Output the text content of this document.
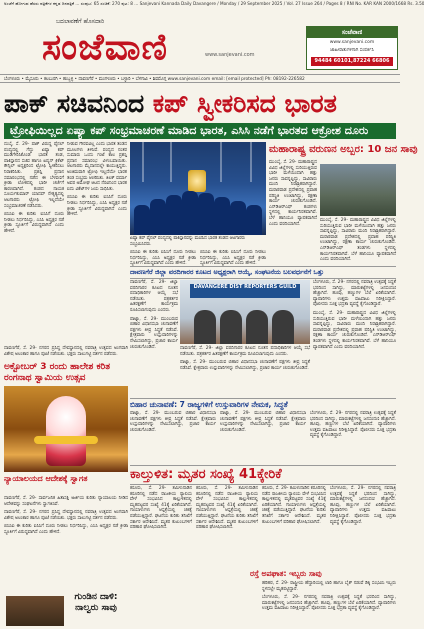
ಅಂಚೆಗೆ ಹೋಗುವ ಹೆಸರು ಪತ್ರಿಕೆಗಳ ಕನ್ನಡ ದಿನಪತ್ರಿಕೆ ... ಸಂಪುಟ: 65 ಸಂಚಿಕೆ: 270 ಪುಟ: 8 ... Sanjevani Kannada Daily Davangere / Monday / 29 September 2025 / Vol. 27 Issue 264 / Pages 8 / RNI No. KAR KAN 2000/1668 Rs. 3.50
ಬದಲಾವಣೆಗೆ ಹೊಸದಾರಿ
ಸಂಜೆವಾಣಿ	www.sanjevani.com
ಸಂಜೆವಾಣಿ
www.sanjevani.com
ಜಾಹೀರಾತುಗಳಿಗಾಗಿ ಸಂಪರ್ಕಿಸಿ
94484 60101,87224 66806
ಬೆಂಗಳೂರು • ಮೈಸೂರು • ಕಲಬುರಗಿ • ಹುಬ್ಬಳ್ಳಿ • ದಾವಣಗೆರೆ • ಮಂಗಳೂರು • ಬಳ್ಳಾರಿ • ಬೆಳಗಾವಿ • ಶಿವಮೊಗ್ಗ www.sanjevani.com email: [email protected] Ph: 08192-226582
ಪಾಕ್ ಸಚಿವನಿಂದ ಕಪ್ ಸ್ವೀಕರಿಸದ ಭಾರತ
ಟ್ರೋಫಿಯಿಲ್ಲದ ಏಷ್ಯಾ ಕಪ್ ಸಂಭ್ರಮಾಚರಣೆ ಮಾಡಿದ ಭಾರತ, ಎಸಿಸಿ ನಡೆಗೆ ಭಾರತದ ಆಕ್ರೋಶ ದೂರು

ದುಬೈ, ಸೆ. 29- ಪಾಕ್ ವಿರುದ್ಧ ಫೈನಲ್ ಪಂದ್ಯದಲ್ಲಿ ಗೆದ್ದು ಏಷ್ಯಾ ಕಪ್ ಮುಡಿಗೇರಿಸಿಕೊಂಡ ಭಾರತ ತಂಡ, ಪಾಕಿಸ್ತಾನದ ಸಚಿವ ಹಾಗೂ ಏಷ್ಯನ್ ಕ್ರಿಕೆಟ್ ಕೌನ್ಸಿಲ್ ಅಧ್ಯಕ್ಷರಿಂದ ಟ್ರೋಫಿ ಸ್ವೀಕರಿಸಲು ನಿರಾಕರಿಸಿತು. ಪ್ರಶಸ್ತಿ ಪ್ರದಾನ ಸಮಾರಂಭದಲ್ಲಿ ನಡೆದ ಈ ಬೆಳವಣಿಗೆ ಕ್ರೀಡಾ ಲೋಕದಲ್ಲಿ ಭಾರೀ ಚರ್ಚೆಗೆ ಕಾರಣವಾಗಿದೆ. ತಂಡದ ನಾಯಕ ಸೂರ್ಯಕುಮಾರ್ ಯಾದವ್ ನೇತೃತ್ವದಲ್ಲಿ ಆಟಗಾರರು ಟ್ರೋಫಿ ಇಲ್ಲದೆಯೇ ಸಂಭ್ರಮಾಚರಣೆ ನಡೆಸಿದರು.

ಬಿಸಿಸಿಐ ಈ ಕುರಿತು ಐಸಿಸಿಗೆ ದೂರು ನೀಡಲು ನಿರ್ಧರಿಸಿದ್ದು, ಎಸಿಸಿ ಅಧ್ಯಕ್ಷರ ನಡೆ ಕ್ರೀಡಾ ಸ್ಫೂರ್ತಿಗೆ ವಿರುದ್ಧವಾಗಿದೆ ಎಂದು ಹೇಳಿದೆ.

ನೀಡುವ ಗೌರವವಿಲ್ಲ ಎಂದು ಭಾರತ ತಂಡದ ಮೂಲಗಳು ತಿಳಿಸಿವೆ. ಪಂದ್ಯದ ನಂತರ ಸುಮಾರು ಒಂದು ಗಂಟೆ ಕಾಲ ಪ್ರಶಸ್ತಿ ಪ್ರದಾನ ಸಮಾರಂಭ ವಿಳಂಬವಾಯಿತು. ಆಟಗಾರರು ಮೈದಾನದಲ್ಲೇ ಕಾಯುತ್ತಿದ್ದರು. ಅಂತಿಮವಾಗಿ ಟ್ರೋಫಿ ಇಲ್ಲದೆಯೇ ಭಾರತ ತಂಡ ಸಂಭ್ರಮ ಆಚರಿಸಿತು. ತಿಲಕ್ ವರ್ಮಾ ಅವರ ಅಮೋಘ ಆಟದ ನೆರವಿನಿಂದ ಭಾರತ ಐದು ವಿಕೆಟ್‌ಗಳ ಜಯ ಸಾಧಿಸಿತು.

ಬಿಸಿಸಿಐ ಈ ಕುರಿತು ಐಸಿಸಿಗೆ ದೂರು ನೀಡಲು ನಿರ್ಧರಿಸಿದ್ದು, ಎಸಿಸಿ ಅಧ್ಯಕ್ಷರ ನಡೆ ಕ್ರೀಡಾ ಸ್ಫೂರ್ತಿಗೆ ವಿರುದ್ಧವಾಗಿದೆ ಎಂದು ಹೇಳಿದೆ.

ಏಷ್ಯಾ ಕಪ್ ಫೈನಲ್ ಪಂದ್ಯದಲ್ಲಿ ಪಾಕಿಸ್ತಾನವನ್ನು ಮಣಿಸಿದ ಭಾರತ ತಂಡದ ಆಟಗಾರರು ಸಂಭ್ರಮಿಸಿದರು.

ಬಿಸಿಸಿಐ ಈ ಕುರಿತು ಐಸಿಸಿಗೆ ದೂರು ನೀಡಲು ನಿರ್ಧರಿಸಿದ್ದು, ಎಸಿಸಿ ಅಧ್ಯಕ್ಷರ ನಡೆ ಕ್ರೀಡಾ ಸ್ಫೂರ್ತಿಗೆ ವಿರುದ್ಧವಾಗಿದೆ ಎಂದು ಹೇಳಿದೆ.

ಬಿಸಿಸಿಐ ಈ ಕುರಿತು ಐಸಿಸಿಗೆ ದೂರು ನೀಡಲು ನಿರ್ಧರಿಸಿದ್ದು, ಎಸಿಸಿ ಅಧ್ಯಕ್ಷರ ನಡೆ ಕ್ರೀಡಾ ಸ್ಫೂರ್ತಿಗೆ ವಿರುದ್ಧವಾಗಿದೆ ಎಂದು ಹೇಳಿದೆ.

ಮಹಾರಾಷ್ಟ್ರ ವರುಣನ ಅಬ್ಬರ: 10 ಜನ ಸಾವು

ಮುಂಬೈ, ಸೆ. 29- ಮಹಾರಾಷ್ಟ್ರದ ವಿವಿಧ ಜಿಲ್ಲೆಗಳಲ್ಲಿ ಸುರಿಯುತ್ತಿರುವ ಭಾರೀ ಮಳೆಯಿಂದಾಗಿ ಹತ್ತು ಜನರು ಸಾವನ್ನಪ್ಪಿದ್ದು, ಸಾವಿರಾರು ಮಂದಿ ನಿರಾಶ್ರಿತರಾಗಿದ್ದಾರೆ. ಮರಾಠವಾಡ ಪ್ರದೇಶದಲ್ಲಿ ಪ್ರವಾಹ ಪರಿಸ್ಥಿತಿ ಉಂಟಾಗಿದ್ದು, ರಕ್ಷಣಾ ಕಾರ್ಯ ಚುರುಕುಗೊಂಡಿದೆ. ಎನ್‌ಡಿಆರ್‌ಎಫ್ ತಂಡಗಳು ಸ್ಥಳದಲ್ಲಿ ಕಾರ್ಯನಿರತವಾಗಿವೆ. ಬೆಳೆ ಹಾನಿಯೂ ವ್ಯಾಪಕವಾಗಿದೆ ಎಂದು ವರದಿಯಾಗಿದೆ.

ಮುಂಬೈ, ಸೆ. 29- ಮಹಾರಾಷ್ಟ್ರದ ವಿವಿಧ ಜಿಲ್ಲೆಗಳಲ್ಲಿ ಸುರಿಯುತ್ತಿರುವ ಭಾರೀ ಮಳೆಯಿಂದಾಗಿ ಹತ್ತು ಜನರು ಸಾವನ್ನಪ್ಪಿದ್ದು, ಸಾವಿರಾರು ಮಂದಿ ನಿರಾಶ್ರಿತರಾಗಿದ್ದಾರೆ. ಮರಾಠವಾಡ ಪ್ರದೇಶದಲ್ಲಿ ಪ್ರವಾಹ ಪರಿಸ್ಥಿತಿ ಉಂಟಾಗಿದ್ದು, ರಕ್ಷಣಾ ಕಾರ್ಯ ಚುರುಕುಗೊಂಡಿದೆ. ಎನ್‌ಡಿಆರ್‌ಎಫ್ ತಂಡಗಳು ಸ್ಥಳದಲ್ಲಿ ಕಾರ್ಯನಿರತವಾಗಿವೆ. ಬೆಳೆ ಹಾನಿಯೂ ವ್ಯಾಪಕವಾಗಿದೆ ಎಂದು ವರದಿಯಾಗಿದೆ.

ದಾವಣಗೆರೆ ಜಿಲ್ಲಾ ವರದಿಗಾರರ ಕೂಟದ ಅಧ್ಯಕ್ಷರಾಗಿ ಆಯ್ಕೆ, ಸಂಘಟನೆಯ ಬಲವರ್ಧನೆಗೆ ಒತ್ತು

ದಾವಣಗೆರೆ, ಸೆ. 29- ಜಿಲ್ಲಾ ವರದಿಗಾರರ ಕೂಟದ ನೂತನ ಪದಾಧಿಕಾರಿಗಳ ಆಯ್ಕೆ ಸಭೆ ನಡೆಯಿತು. ಪತ್ರಕರ್ತರ ಹಿತರಕ್ಷಣೆಗೆ ಕಾರ್ಯಕ್ರಮ ರೂಪಿಸಲಾಗುವುದು ಎಂದರು.

ಪಾಟ್ನಾ, ಸೆ. 29- ಮುಂಬರುವ ಬಿಹಾರ ವಿಧಾನಸಭಾ ಚುನಾವಣೆಗೆ ಪಕ್ಷಗಳು ತೀವ್ರ ಸಿದ್ಧತೆ ನಡೆಸಿವೆ. ಕ್ಷೇತ್ರವಾರು ಉಸ್ತುವಾರಿಗಳನ್ನು ನೇಮಿಸಲಾಗಿದ್ದು, ಪ್ರಚಾರ ಕಾರ್ಯ ಚುರುಕುಗೊಂಡಿದೆ.

DAVANGERE DIST REPORTERS GUILD

ದಾವಣಗೆರೆ, ಸೆ. 29- ಜಿಲ್ಲಾ ವರದಿಗಾರರ ಕೂಟದ ನೂತನ ಪದಾಧಿಕಾರಿಗಳ ಆಯ್ಕೆ ಸಭೆ ನಡೆಯಿತು. ಪತ್ರಕರ್ತರ ಹಿತರಕ್ಷಣೆಗೆ ಕಾರ್ಯಕ್ರಮ ರೂಪಿಸಲಾಗುವುದು ಎಂದರು.

ಪಾಟ್ನಾ, ಸೆ. 29- ಮುಂಬರುವ ಬಿಹಾರ ವಿಧಾನಸಭಾ ಚುನಾವಣೆಗೆ ಪಕ್ಷಗಳು ತೀವ್ರ ಸಿದ್ಧತೆ ನಡೆಸಿವೆ. ಕ್ಷೇತ್ರವಾರು ಉಸ್ತುವಾರಿಗಳನ್ನು ನೇಮಿಸಲಾಗಿದ್ದು, ಪ್ರಚಾರ ಕಾರ್ಯ ಚುರುಕುಗೊಂಡಿದೆ.

ಬೆಂಗಳೂರು, ಸೆ. 29- ನಗರದಲ್ಲಿ ನವರಾತ್ರಿ ಉತ್ಸವಕ್ಕೆ ಸಿದ್ಧತೆ ಭರದಿಂದ ಸಾಗಿದ್ದು, ಮಾರುಕಟ್ಟೆಗಳಲ್ಲಿ ಜನಸಂದಣಿ ಹೆಚ್ಚಾಗಿದೆ. ಹೂವು, ಹಣ್ಣುಗಳ ಬೆಲೆ ಏರಿಕೆಯಾಗಿದೆ. ವ್ಯಾಪಾರಿಗಳು ಉತ್ತಮ ವಹಿವಾಟು ನಿರೀಕ್ಷಿಸಿದ್ದಾರೆ. ಪೊಲೀಸರು ಸೂಕ್ತ ಭದ್ರತಾ ವ್ಯವಸ್ಥೆ ಕೈಗೊಂಡಿದ್ದಾರೆ.

ಮುಂಬೈ, ಸೆ. 29- ಮಹಾರಾಷ್ಟ್ರದ ವಿವಿಧ ಜಿಲ್ಲೆಗಳಲ್ಲಿ ಸುರಿಯುತ್ತಿರುವ ಭಾರೀ ಮಳೆಯಿಂದಾಗಿ ಹತ್ತು ಜನರು ಸಾವನ್ನಪ್ಪಿದ್ದು, ಸಾವಿರಾರು ಮಂದಿ ನಿರಾಶ್ರಿತರಾಗಿದ್ದಾರೆ. ಮರಾಠವಾಡ ಪ್ರದೇಶದಲ್ಲಿ ಪ್ರವಾಹ ಪರಿಸ್ಥಿತಿ ಉಂಟಾಗಿದ್ದು, ರಕ್ಷಣಾ ಕಾರ್ಯ ಚುರುಕುಗೊಂಡಿದೆ. ಎನ್‌ಡಿಆರ್‌ಎಫ್ ತಂಡಗಳು ಸ್ಥಳದಲ್ಲಿ ಕಾರ್ಯನಿರತವಾಗಿವೆ. ಬೆಳೆ ಹಾನಿಯೂ ವ್ಯಾಪಕವಾಗಿದೆ ಎಂದು ವರದಿಯಾಗಿದೆ.

ಅಕ್ಟೋಬರ್ 3 ರಂದು ಹಾಲೇಶ ಕರಿತ ರಂಗನಾಥ ಸ್ವಾಮಿಯ ಉತ್ಸವ

ದಾವಣಗೆರೆ, ಸೆ. 29- ನಗರದ ಪ್ರಸಿದ್ಧ ದೇವಸ್ಥಾನದಲ್ಲಿ ನವರಾತ್ರಿ ಉತ್ಸವದ ಅಂಗವಾಗಿ ವಿಶೇಷ ಅಲಂಕಾರ ಹಾಗೂ ಪೂಜೆ ನಡೆಯಿತು. ಭಕ್ತರು ಸಾಲುಗಟ್ಟಿ ದರ್ಶನ ಪಡೆದರು.

ಬಿಹಾರ ಚುನಾವಣೆ: 7 ರಾಜ್ಯಗಳಿಗೆ ಉಸ್ತುವಾರಿಗಳ ನೇಮಕ, ಸಿದ್ಧತೆ

ಪಾಟ್ನಾ, ಸೆ. 29- ಮುಂಬರುವ ಬಿಹಾರ ವಿಧಾನಸಭಾ ಚುನಾವಣೆಗೆ ಪಕ್ಷಗಳು ತೀವ್ರ ಸಿದ್ಧತೆ ನಡೆಸಿವೆ. ಕ್ಷೇತ್ರವಾರು ಉಸ್ತುವಾರಿಗಳನ್ನು ನೇಮಿಸಲಾಗಿದ್ದು, ಪ್ರಚಾರ ಕಾರ್ಯ ಚುರುಕುಗೊಂಡಿದೆ.

ಪಾಟ್ನಾ, ಸೆ. 29- ಮುಂಬರುವ ಬಿಹಾರ ವಿಧಾನಸಭಾ ಚುನಾವಣೆಗೆ ಪಕ್ಷಗಳು ತೀವ್ರ ಸಿದ್ಧತೆ ನಡೆಸಿವೆ. ಕ್ಷೇತ್ರವಾರು ಉಸ್ತುವಾರಿಗಳನ್ನು ನೇಮಿಸಲಾಗಿದ್ದು, ಪ್ರಚಾರ ಕಾರ್ಯ ಚುರುಕುಗೊಂಡಿದೆ.

ಬೆಂಗಳೂರು, ಸೆ. 29- ನಗರದಲ್ಲಿ ನವರಾತ್ರಿ ಉತ್ಸವಕ್ಕೆ ಸಿದ್ಧತೆ ಭರದಿಂದ ಸಾಗಿದ್ದು, ಮಾರುಕಟ್ಟೆಗಳಲ್ಲಿ ಜನಸಂದಣಿ ಹೆಚ್ಚಾಗಿದೆ. ಹೂವು, ಹಣ್ಣುಗಳ ಬೆಲೆ ಏರಿಕೆಯಾಗಿದೆ. ವ್ಯಾಪಾರಿಗಳು ಉತ್ತಮ ವಹಿವಾಟು ನಿರೀಕ್ಷಿಸಿದ್ದಾರೆ. ಪೊಲೀಸರು ಸೂಕ್ತ ಭದ್ರತಾ ವ್ಯವಸ್ಥೆ ಕೈಗೊಂಡಿದ್ದಾರೆ.

ನ್ಯಾಯಾಲಯದ ಆದೇಶಕ್ಕೆ ಸ್ವಾಗತ

ದಾವಣಗೆರೆ, ಸೆ. 29- ಸಾರ್ವಜನಿಕ ಹಿತಾಸಕ್ತಿ ಅರ್ಜಿಯ ಕುರಿತು ನ್ಯಾಯಾಲಯ ನೀಡಿದ ಆದೇಶವನ್ನು ಸಂಘಟನೆಗಳು ಸ್ವಾಗತಿಸಿವೆ.

ದಾವಣಗೆರೆ, ಸೆ. 29- ನಗರದ ಪ್ರಸಿದ್ಧ ದೇವಸ್ಥಾನದಲ್ಲಿ ನವರಾತ್ರಿ ಉತ್ಸವದ ಅಂಗವಾಗಿ ವಿಶೇಷ ಅಲಂಕಾರ ಹಾಗೂ ಪೂಜೆ ನಡೆಯಿತು. ಭಕ್ತರು ಸಾಲುಗಟ್ಟಿ ದರ್ಶನ ಪಡೆದರು.

ಬಿಸಿಸಿಐ ಈ ಕುರಿತು ಐಸಿಸಿಗೆ ದೂರು ನೀಡಲು ನಿರ್ಧರಿಸಿದ್ದು, ಎಸಿಸಿ ಅಧ್ಯಕ್ಷರ ನಡೆ ಕ್ರೀಡಾ ಸ್ಫೂರ್ತಿಗೆ ವಿರುದ್ಧವಾಗಿದೆ ಎಂದು ಹೇಳಿದೆ.

ಕಾಲ್ತುಳಿತ: ಮೃತರ ಸಂಖ್ಯೆ 41ಕ್ಕೇರಿಕೆ

ಕರೂರು, ಸೆ. 29- ತಮಿಳುನಾಡಿನ ಕರೂರಿನಲ್ಲಿ ನಡೆದ ರಾಜಕೀಯ ರ‍್ಯಾಲಿಯ ವೇಳೆ ಸಂಭವಿಸಿದ ಕಾಲ್ತುಳಿತದಲ್ಲಿ ಮೃತಪಟ್ಟವರ ಸಂಖ್ಯೆ 41ಕ್ಕೆ ಏರಿಕೆಯಾಗಿದೆ. ಗಾಯಾಳುಗಳು ಆಸ್ಪತ್ರೆಯಲ್ಲಿ ಚಿಕಿತ್ಸೆ ಪಡೆಯುತ್ತಿದ್ದಾರೆ. ಘಟನೆಯ ಕುರಿತು ತನಿಖೆಗೆ ಸರ್ಕಾರ ಆದೇಶಿಸಿದೆ. ಮೃತರ ಕುಟುಂಬಗಳಿಗೆ ಪರಿಹಾರ ಘೋಷಿಸಲಾಗಿದೆ.

ಕರೂರು, ಸೆ. 29- ತಮಿಳುನಾಡಿನ ಕರೂರಿನಲ್ಲಿ ನಡೆದ ರಾಜಕೀಯ ರ‍್ಯಾಲಿಯ ವೇಳೆ ಸಂಭವಿಸಿದ ಕಾಲ್ತುಳಿತದಲ್ಲಿ ಮೃತಪಟ್ಟವರ ಸಂಖ್ಯೆ 41ಕ್ಕೆ ಏರಿಕೆಯಾಗಿದೆ. ಗಾಯಾಳುಗಳು ಆಸ್ಪತ್ರೆಯಲ್ಲಿ ಚಿಕಿತ್ಸೆ ಪಡೆಯುತ್ತಿದ್ದಾರೆ. ಘಟನೆಯ ಕುರಿತು ತನಿಖೆಗೆ ಸರ್ಕಾರ ಆದೇಶಿಸಿದೆ. ಮೃತರ ಕುಟುಂಬಗಳಿಗೆ ಪರಿಹಾರ ಘೋಷಿಸಲಾಗಿದೆ.

ಕರೂರು, ಸೆ. 29- ತಮಿಳುನಾಡಿನ ಕರೂರಿನಲ್ಲಿ ನಡೆದ ರಾಜಕೀಯ ರ‍್ಯಾಲಿಯ ವೇಳೆ ಸಂಭವಿಸಿದ ಕಾಲ್ತುಳಿತದಲ್ಲಿ ಮೃತಪಟ್ಟವರ ಸಂಖ್ಯೆ 41ಕ್ಕೆ ಏರಿಕೆಯಾಗಿದೆ. ಗಾಯಾಳುಗಳು ಆಸ್ಪತ್ರೆಯಲ್ಲಿ ಚಿಕಿತ್ಸೆ ಪಡೆಯುತ್ತಿದ್ದಾರೆ. ಘಟನೆಯ ಕುರಿತು ತನಿಖೆಗೆ ಸರ್ಕಾರ ಆದೇಶಿಸಿದೆ. ಮೃತರ ಕುಟುಂಬಗಳಿಗೆ ಪರಿಹಾರ ಘೋಷಿಸಲಾಗಿದೆ.

ಬೆಂಗಳೂರು, ಸೆ. 29- ನಗರದಲ್ಲಿ ನವರಾತ್ರಿ ಉತ್ಸವಕ್ಕೆ ಸಿದ್ಧತೆ ಭರದಿಂದ ಸಾಗಿದ್ದು, ಮಾರುಕಟ್ಟೆಗಳಲ್ಲಿ ಜನಸಂದಣಿ ಹೆಚ್ಚಾಗಿದೆ. ಹೂವು, ಹಣ್ಣುಗಳ ಬೆಲೆ ಏರಿಕೆಯಾಗಿದೆ. ವ್ಯಾಪಾರಿಗಳು ಉತ್ತಮ ವಹಿವಾಟು ನಿರೀಕ್ಷಿಸಿದ್ದಾರೆ. ಪೊಲೀಸರು ಸೂಕ್ತ ಭದ್ರತಾ ವ್ಯವಸ್ಥೆ ಕೈಗೊಂಡಿದ್ದಾರೆ.

ರಸ್ತೆ ಅಪಘಾತ: ಇಬ್ಬರು ಸಾವು

ಹರಿಹರ, ಸೆ. 29- ರಾಷ್ಟ್ರೀಯ ಹೆದ್ದಾರಿಯಲ್ಲಿ ಲಾರಿ ಹಾಗೂ ಬೈಕ್ ನಡುವೆ ಡಿಕ್ಕಿ ಸಂಭವಿಸಿ ಇಬ್ಬರು ಸ್ಥಳದಲ್ಲೇ ಮೃತಪಟ್ಟಿದ್ದಾರೆ.

ಬೆಂಗಳೂರು, ಸೆ. 29- ನಗರದಲ್ಲಿ ನವರಾತ್ರಿ ಉತ್ಸವಕ್ಕೆ ಸಿದ್ಧತೆ ಭರದಿಂದ ಸಾಗಿದ್ದು, ಮಾರುಕಟ್ಟೆಗಳಲ್ಲಿ ಜನಸಂದಣಿ ಹೆಚ್ಚಾಗಿದೆ. ಹೂವು, ಹಣ್ಣುಗಳ ಬೆಲೆ ಏರಿಕೆಯಾಗಿದೆ. ವ್ಯಾಪಾರಿಗಳು ಉತ್ತಮ ವಹಿವಾಟು ನಿರೀಕ್ಷಿಸಿದ್ದಾರೆ. ಪೊಲೀಸರು ಸೂಕ್ತ ಭದ್ರತಾ ವ್ಯವಸ್ಥೆ ಕೈಗೊಂಡಿದ್ದಾರೆ.

ಗುಂಡಿನ ದಾಳಿ: ನಾಲ್ವರು ಸಾವು
